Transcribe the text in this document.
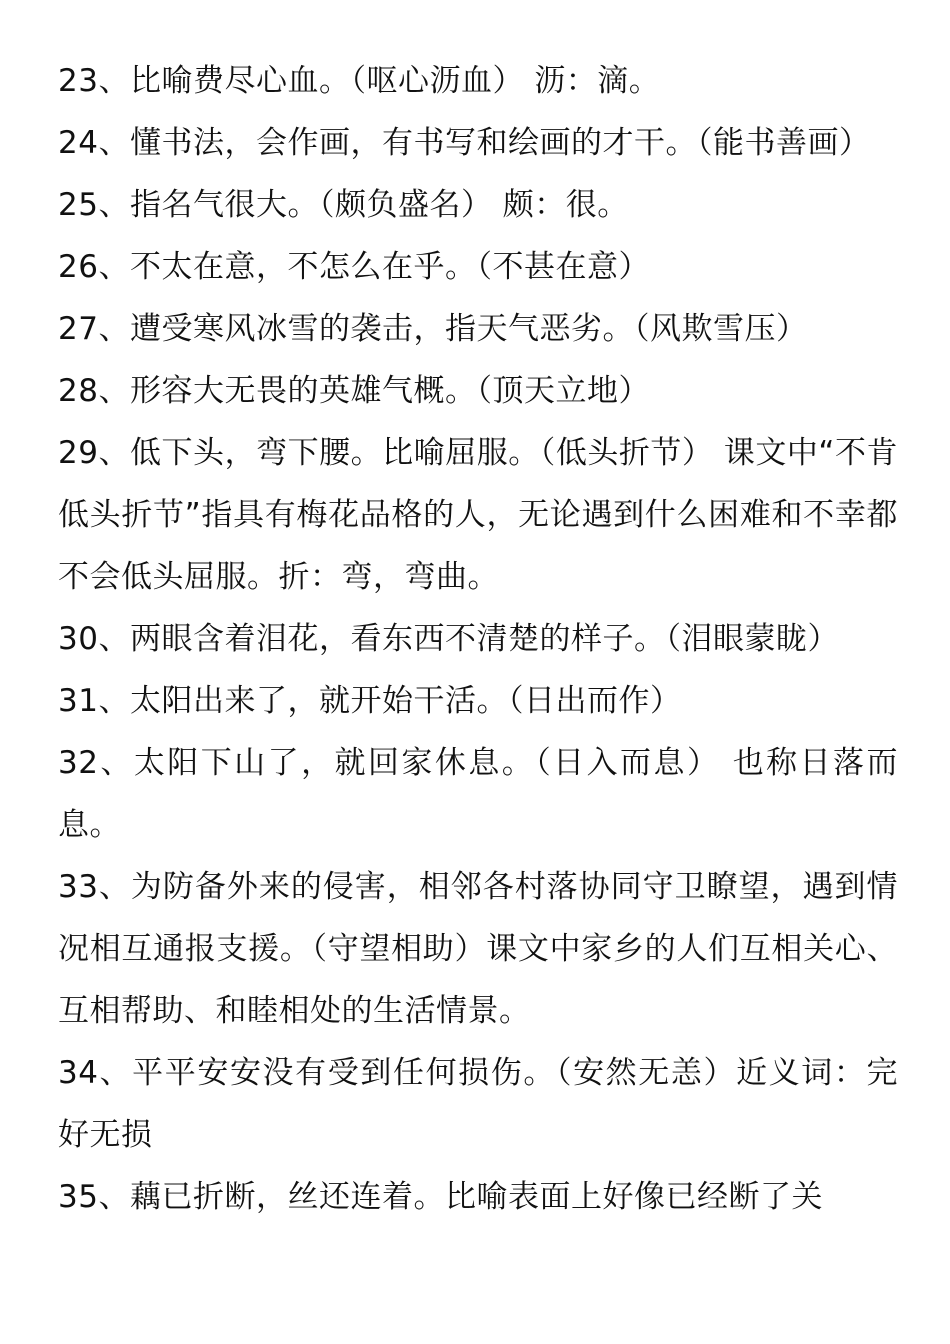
23、比喻费尽心血。（呕心沥血） 沥：滴。

24、懂书法，会作画，有书写和绘画的才干。（能书善画）

25、指名气很大。（颇负盛名） 颇：很。

26、不太在意，不怎么在乎。（不甚在意）

27、遭受寒风冰雪的袭击，指天气恶劣。（风欺雪压）

28、形容大无畏的英雄气概。（顶天立地）

29、低下头，弯下腰。比喻屈服。（低头折节） 课文中“不肯低头折节”指具有梅花品格的人，无论遇到什么困难和不幸都不会低头屈服。折：弯，弯曲。

30、两眼含着泪花，看东西不清楚的样子。（泪眼蒙眬）

31、太阳出来了，就开始干活。（日出而作）

32、太阳下山了，就回家休息。（日入而息） 也称日落而息。

33、为防备外来的侵害，相邻各村落协同守卫瞭望，遇到情况相互通报支援。（守望相助）课文中家乡的人们互相关心、互相帮助、和睦相处的生活情景。

34、平平安安没有受到任何损伤。（安然无恙）近义词：完好无损

35、藕已折断，丝还连着。比喻表面上好像已经断了关
